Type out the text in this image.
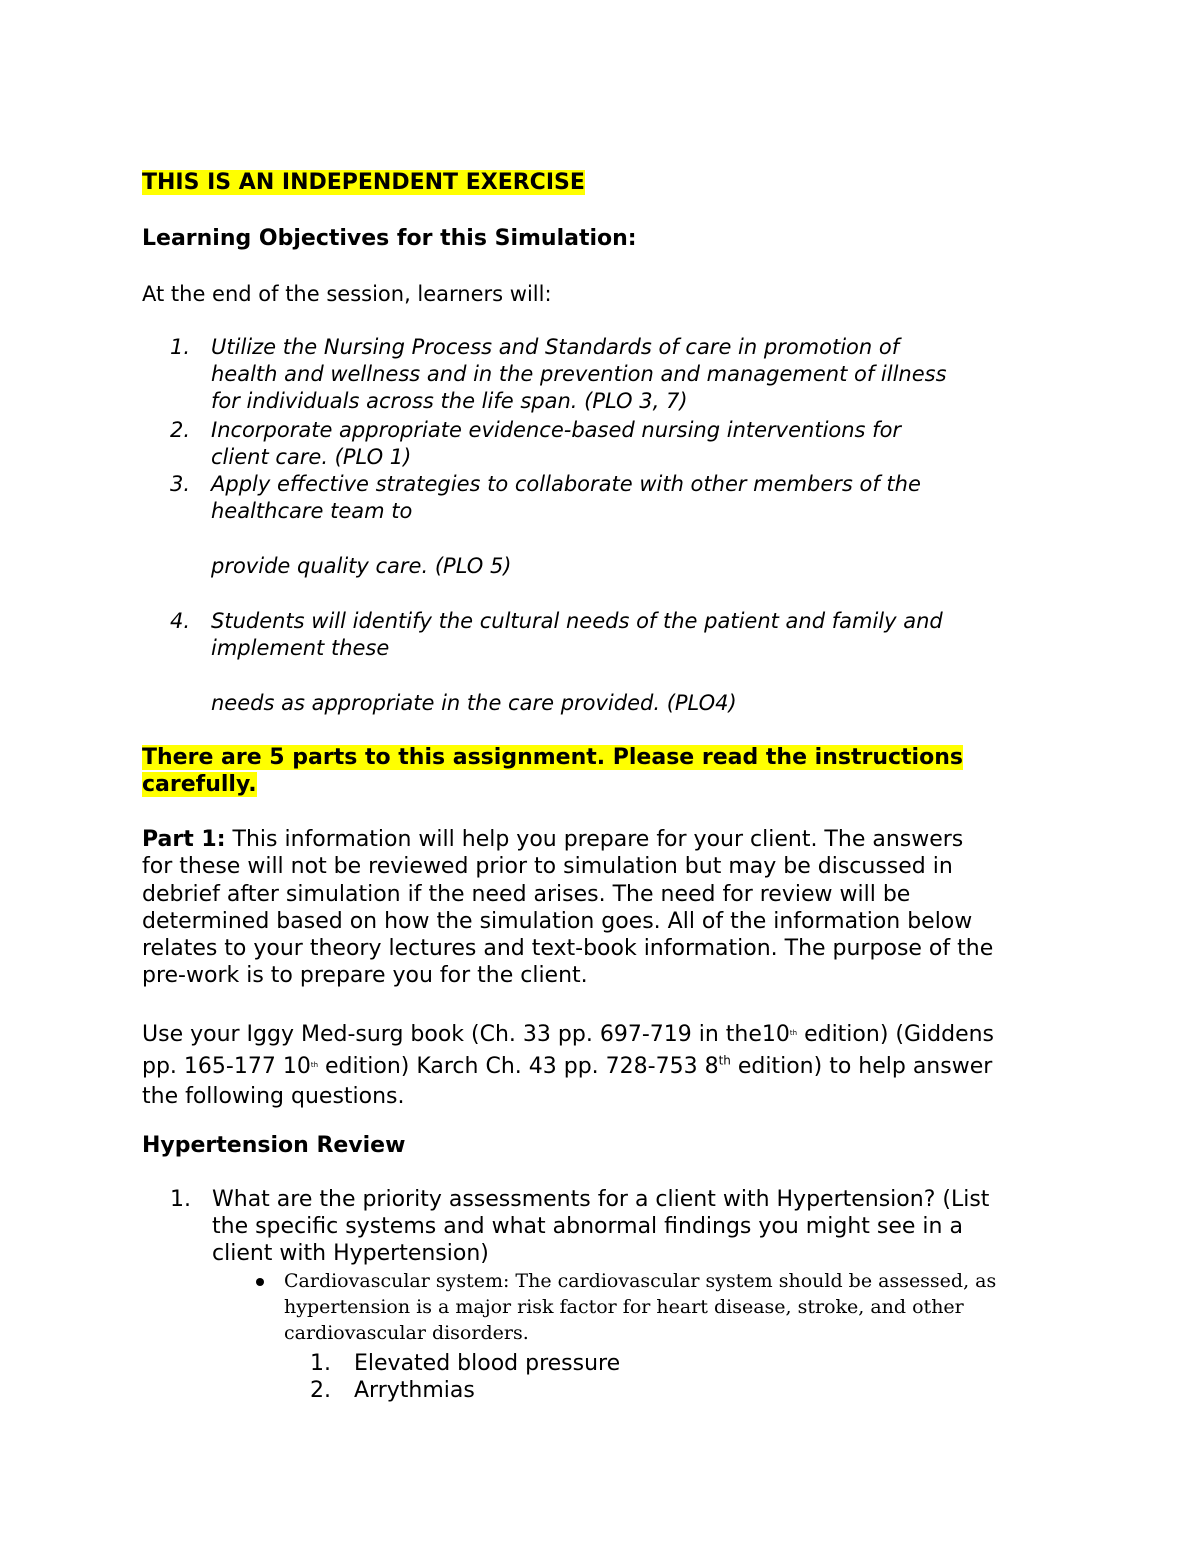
THIS IS AN INDEPENDENT EXERCISE
Learning Objectives for this Simulation:
At the end of the session, learners will:
1. Utilize the Nursing Process and Standards of care in promotion of
health and wellness and in the prevention and management of illness
for individuals across the life span. (PLO 3, 7)
2. Incorporate appropriate evidence-based nursing interventions for
client care. (PLO 1)
3. Apply effective strategies to collaborate with other members of the
healthcare team to
provide quality care. (PLO 5)
4. Students will identify the cultural needs of the patient and family and
implement these
needs as appropriate in the care provided. (PLO4)
There are 5 parts to this assignment. Please read the instructions
carefully.
Part 1: This information will help you prepare for your client. The answers
for these will not be reviewed prior to simulation but may be discussed in
debrief after simulation if the need arises. The need for review will be
determined based on how the simulation goes. All of the information below
relates to your theory lectures and text-book information. The purpose of the
pre-work is to prepare you for the client.
Use your Iggy Med-surg book (Ch. 33 pp. 697-719 in the10th edition) (Giddens
pp. 165-177 10th edition) Karch Ch. 43 pp. 728-753 8th edition) to help answer
the following questions.
Hypertension Review
1. What are the priority assessments for a client with Hypertension? (List
the specific systems and what abnormal findings you might see in a
client with Hypertension)
Cardiovascular system: The cardiovascular system should be assessed, as
hypertension is a major risk factor for heart disease, stroke, and other
cardiovascular disorders.
1.	Elevated blood pressure
2.	Arrythmias
